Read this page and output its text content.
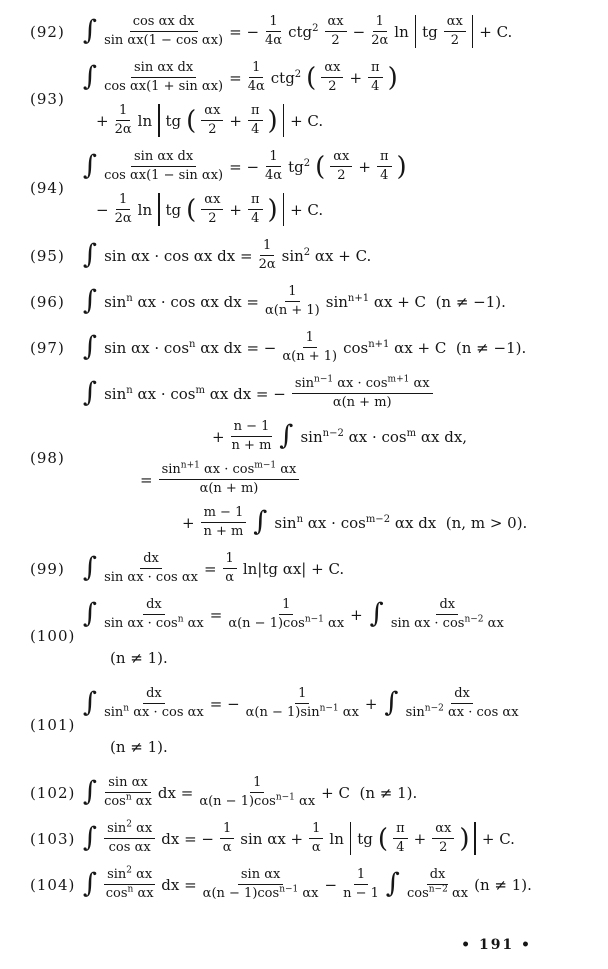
(92) ∫ $\frac{\text{cos αx dx}}{\text{sin αx(1 − cos αx)}}$ = − $\frac{1}{4\alpha} ctg^2 \frac{\alpha x}{2} - \frac{1}{2\alpha}$ ln tg $\frac{\alpha x}{2} + C$.
(93)
∫ $\frac{\text{sin αx dx}}{\text{cos αx(1 + sin αx)}} = \frac{1}{4\alpha} ctg^2$ ( $\frac{\alpha x}{2} + \frac{\pi}{4}$ )
+ $\frac{1}{2\alpha}$ ln tg ( $\frac{\alpha x}{2} + \frac{\pi}{4}$ ) + C.
(94)
∫ $\frac{\text{sin αx dx}}{\text{cos αx(1 − sin αx)}}$ = − $\frac{1}{4\alpha} tg^2$ ( $\frac{\alpha x}{2} + \frac{\pi}{4}$ )
− $\frac{1}{2\alpha}$ ln tg ( $\frac{\alpha x}{2} + \frac{\pi}{4}$ ) + C.
(95) ∫ sin αx · cos αx dx = $\frac{1}{2\alpha} \sin^2 \alpha x + C$.
(96) ∫ $\sin^n \alpha x \cdot \cos \alpha x$ dx = $\frac{1}{\alpha(n + 1)} \sin^{n+1} \alpha x + C$  (n ≠ −1).
(97) ∫ $\sin \alpha x \cdot \cos^n \alpha x$ dx = − $\frac{1}{\alpha(n + 1)} \cos^{n+1} \alpha x + C$  (n ≠ −1).
(98)
∫ $\sin^n \alpha x \cdot \cos^m \alpha x$ dx = − $\frac{\sin^{n-1} \alpha x \cdot \cos^{m+1} \alpha x}{\alpha(n + m)}$
+ $\frac{n - 1}{n + m}$ ∫ $\sin^{n-2} \alpha x \cdot \cos^m \alpha x$ dx,
= $\frac{\sin^{n+1} \alpha x \cdot \cos^{m-1} \alpha x}{\alpha(n + m)}$
+ $\frac{m - 1}{n + m}$ ∫ $\sin^n \alpha x \cdot \cos^{m-2} \alpha x$ dx  (n, m > 0).
(99) ∫ $\frac{dx}{\text{sin αx · cos αx}} = \frac{1}{\alpha} \ln|tg$ αx| + C.
(100)
∫ $\frac{dx}{\sin \alpha x \cdot \cos^n \alpha x} = \frac{1}{\alpha(n - 1)\cos^{n-1} \alpha x}$ + ∫ $\frac{dx}{\sin \alpha x \cdot \cos^{n-2} \alpha x}$
(n ≠ 1).
(101)
∫ $\frac{dx}{\sin^n \alpha x \cdot \cos \alpha x}$ = − $\frac{1}{\alpha(n - 1)\sin^{n-1} \alpha x}$ + ∫ $\frac{dx}{\sin^{n-2} \alpha x \cdot \cos \alpha x}$
(n ≠ 1).
(102) ∫ $\frac{\text{sin αx}}{\cos^n \alpha x}$ dx = $\frac{1}{\alpha(n - 1)\cos^{n-1} \alpha x} + C$  (n ≠ 1).
(103) ∫ $\frac{\sin^2 \alpha x}{\text{cos αx}}$ dx = − $\frac{1}{\alpha}$ $\sin \alpha x + \frac{1}{\alpha}$ ln tg ( $\frac{\pi}{4} + \frac{\alpha x}{2}$ ) + C.
(104) ∫ $\frac{\sin^2 \alpha x}{\cos^n \alpha x}$ dx = $\frac{\text{sin αx}}{\alpha(n - 1)\cos^{n-1} \alpha x} - \frac{1}{n - 1}$ ∫ $\frac{dx}{\cos^{n-2} \alpha x} (n \ne 1)$.
• 191 •
